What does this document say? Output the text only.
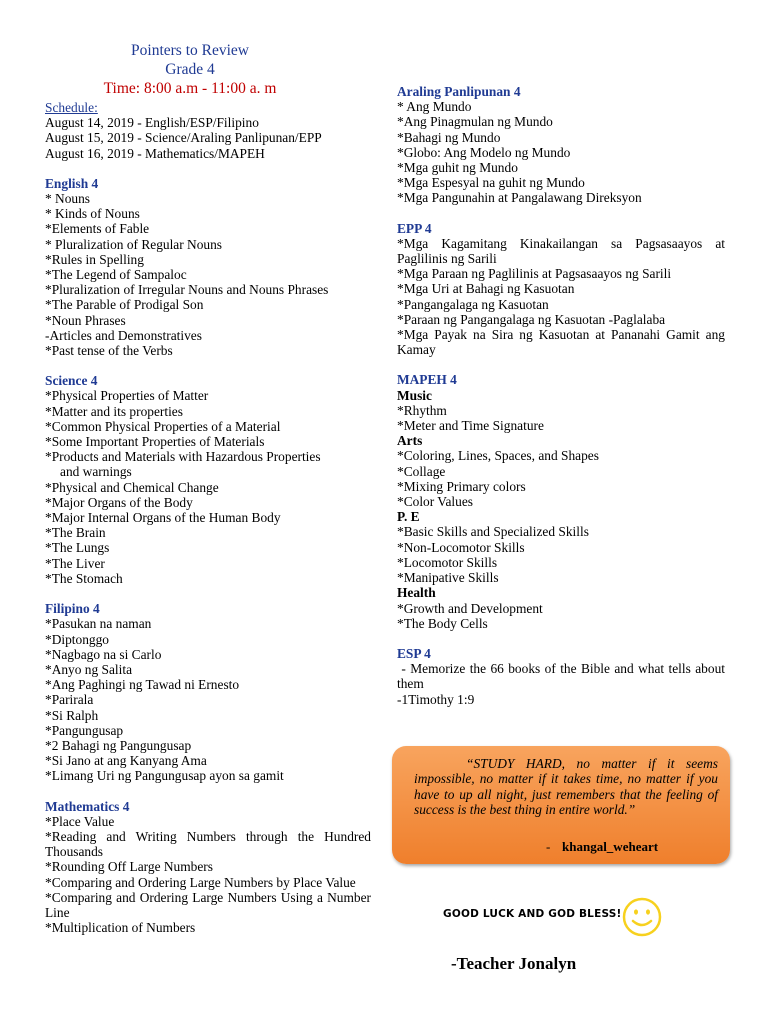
Pointers to Review
Grade 4
Time: 8:00 a.m - 11:00 a. m
Schedule:
August 14, 2019 - English/ESP/Filipino
August 15, 2019 - Science/Araling Panlipunan/EPP
August 16, 2019 - Mathematics/MAPEH
English 4
* Nouns
* Kinds of Nouns
*Elements of Fable
* Pluralization of Regular Nouns
*Rules in Spelling
*The Legend of Sampaloc
*Pluralization of Irregular Nouns and Nouns Phrases
*The Parable of Prodigal Son
*Noun Phrases
-Articles and Demonstratives
*Past tense of the Verbs
Science 4
*Physical Properties of Matter
*Matter and its properties
*Common Physical Properties of a Material
*Some Important Properties of Materials
*Products and Materials with Hazardous Properties
and warnings
*Physical and Chemical Change
*Major Organs of the Body
*Major Internal Organs of the Human Body
*The Brain
*The Lungs
*The Liver
*The Stomach
Filipino 4
*Pasukan na naman
*Diptonggo
*Nagbago na si Carlo
*Anyo ng Salita
*Ang Paghingi ng Tawad ni Ernesto
*Parirala
*Si Ralph
*Pangungusap
*2 Bahagi ng Pangungusap
*Si Jano at ang Kanyang Ama
*Limang Uri ng Pangungusap ayon sa gamit
Mathematics 4
*Place Value
*Reading and Writing Numbers through the Hundred Thousands
*Rounding Off Large Numbers
*Comparing and Ordering Large Numbers by Place Value
*Comparing and Ordering Large Numbers Using a Number Line
*Multiplication of Numbers
Araling Panlipunan 4
* Ang Mundo
*Ang Pinagmulan ng Mundo
*Bahagi ng Mundo
*Globo: Ang Modelo ng Mundo
*Mga guhit ng Mundo
*Mga Espesyal na guhit ng Mundo
*Mga Pangunahin at Pangalawang Direksyon
EPP 4
*Mga Kagamitang Kinakailangan sa Pagsasaayos at Paglilinis ng Sarili
*Mga Paraan ng Paglilinis at Pagsasaayos ng Sarili
*Mga Uri at Bahagi ng Kasuotan
*Pangangalaga ng Kasuotan
*Paraan ng Pangangalaga ng Kasuotan -Paglalaba
*Mga Payak na Sira ng Kasuotan at Pananahi Gamit ang Kamay
MAPEH 4
Music
*Rhythm
*Meter and Time Signature
Arts
*Coloring, Lines, Spaces, and Shapes
*Collage
*Mixing Primary colors
*Color Values
P. E
*Basic Skills and Specialized Skills
*Non-Locomotor Skills
*Locomotor Skills
*Manipative Skills
Health
*Growth and Development
*The Body Cells
ESP 4
- Memorize the 66 books of the Bible and what tells about them
-1Timothy 1:9
“STUDY HARD, no matter if it seems impossible, no matter if it takes time, no matter if you have to up all night, just remembers that the feeling of success is the best thing in entire world.”
- khangal_weheart
GOOD LUCK AND GOD BLESS!
-Teacher Jonalyn
